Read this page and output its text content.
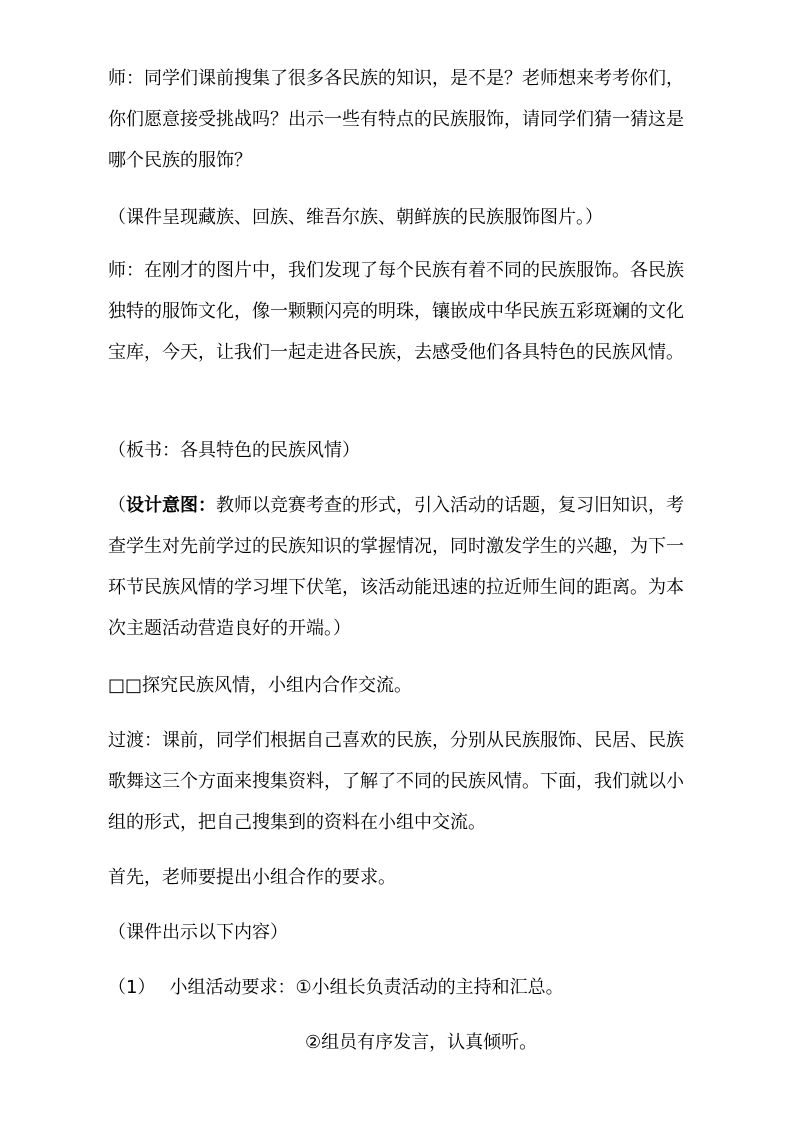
师：同学们课前搜集了很多各民族的知识，是不是？老师想来考考你们，你们愿意接受挑战吗？出示一些有特点的民族服饰，请同学们猜一猜这是哪个民族的服饰？

（课件呈现藏族、回族、维吾尔族、朝鲜族的民族服饰图片。）

师：在刚才的图片中，我们发现了每个民族有着不同的民族服饰。各民族独特的服饰文化，像一颗颗闪亮的明珠，镶嵌成中华民族五彩斑斓的文化宝库，今天，让我们一起走进各民族，去感受他们各具特色的民族风情。

（板书：各具特色的民族风情）

（设计意图：教师以竞赛考查的形式，引入活动的话题，复习旧知识，考查学生对先前学过的民族知识的掌握情况，同时激发学生的兴趣，为下一环节民族风情的学习埋下伏笔，该活动能迅速的拉近师生间的距离。为本次主题活动营造良好的开端。）

□□探究民族风情，小组内合作交流。

过渡：课前，同学们根据自己喜欢的民族，分别从民族服饰、民居、民族歌舞这三个方面来搜集资料，了解了不同的民族风情。下面，我们就以小组的形式，把自己搜集到的资料在小组中交流。

首先，老师要提出小组合作的要求。

（课件出示以下内容）

（1） 小组活动要求：①小组长负责活动的主持和汇总。

②组员有序发言，认真倾听。
